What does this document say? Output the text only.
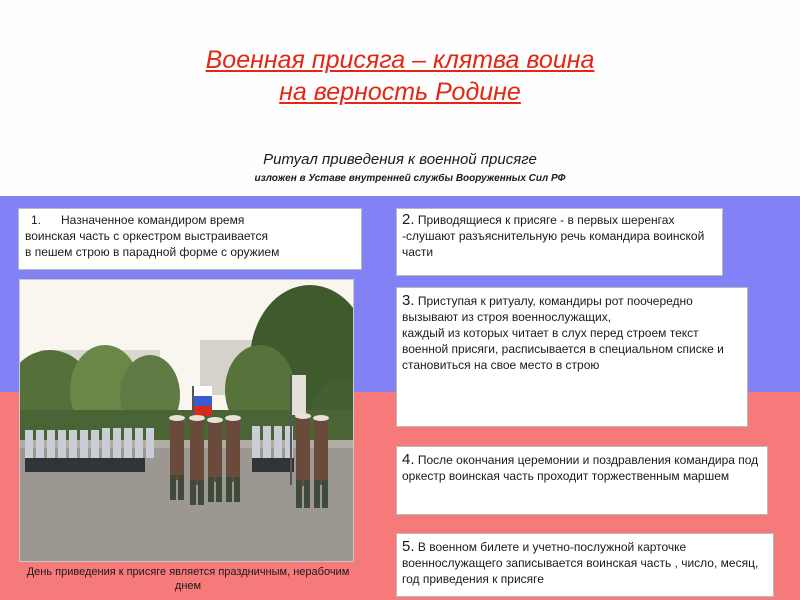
Военная присяга – клятва воина
на верность Родине
Ритуал приведения к военной присяге
изложен в Уставе внутренней службы Вооруженных Сил РФ
1.	Назначенное командиром время
воинская часть с оркестром выстраивается
в пешем строю в парадной форме с оружием
2. Приводящиеся к присяге - в первых шеренгах -слушают разъяснительную речь командира воинской части
3. Приступая к ритуалу, командиры рот поочередно вызывают из строя военнослужащих,
каждый из которых читает в слух перед строем текст военной присяги, расписывается в специальном списке и становиться на свое место в строю
4. После окончания церемонии и поздравления командира под оркестр воинская часть проходит торжественным маршем
5. В военном билете и учетно-послужной карточке военнослужащего записывается воинская часть , число, месяц, год приведения к присяге
День приведения к присяге является праздничным, нерабочим днем
